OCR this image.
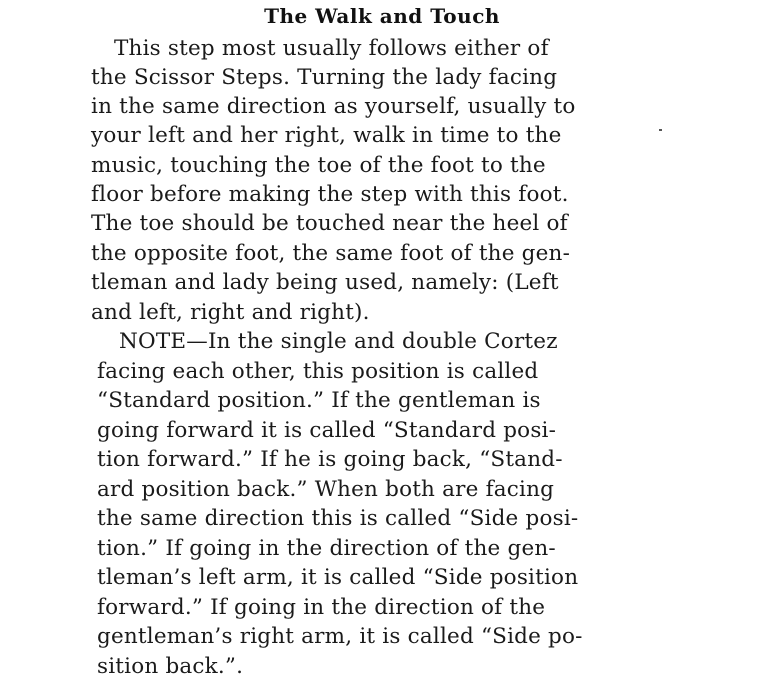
The Walk and Touch

This step most usually follows either of

the Scissor Steps. Turning the lady facing

in the same direction as yourself, usually to

your left and her right, walk in time to the

music, touching the toe of the foot to the

floor before making the step with this foot.

The toe should be touched near the heel of

the opposite foot, the same foot of the gen-

tleman and lady being used, namely: (Left

and left, right and right).

NOTE—In the single and double Cortez

facing each other, this position is called

“Standard position.” If the gentleman is

going forward it is called “Standard posi-

tion forward.” If he is going back, “Stand-

ard position back.” When both are facing

the same direction this is called “Side posi-

tion.” If going in the direction of the gen-

tleman’s left arm, it is called “Side position

forward.” If going in the direction of the

gentleman’s right arm, it is called “Side po-

sition back.”.
